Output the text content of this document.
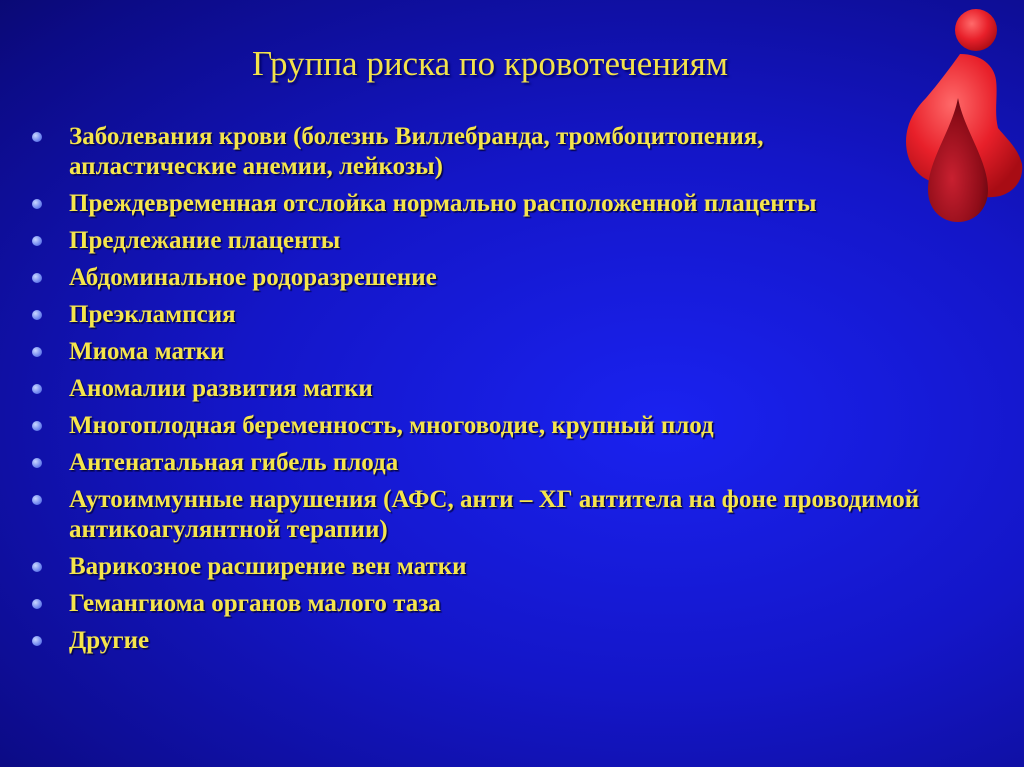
Группа риска по кровотечениям
Заболевания крови (болезнь Виллебранда, тромбоцитопения, апластические анемии, лейкозы)
Преждевременная отслойка нормально расположенной плаценты
Предлежание плаценты
Абдоминальное родоразрешение
Преэклампсия
Миома матки
Аномалии развития матки
Многоплодная беременность, многоводие, крупный плод
Антенатальная гибель плода
Аутоиммунные нарушения (АФС, анти – ХГ антитела на фоне проводимой антикоагулянтной терапии)
Варикозное расширение вен матки
Гемангиома органов малого таза
Другие
